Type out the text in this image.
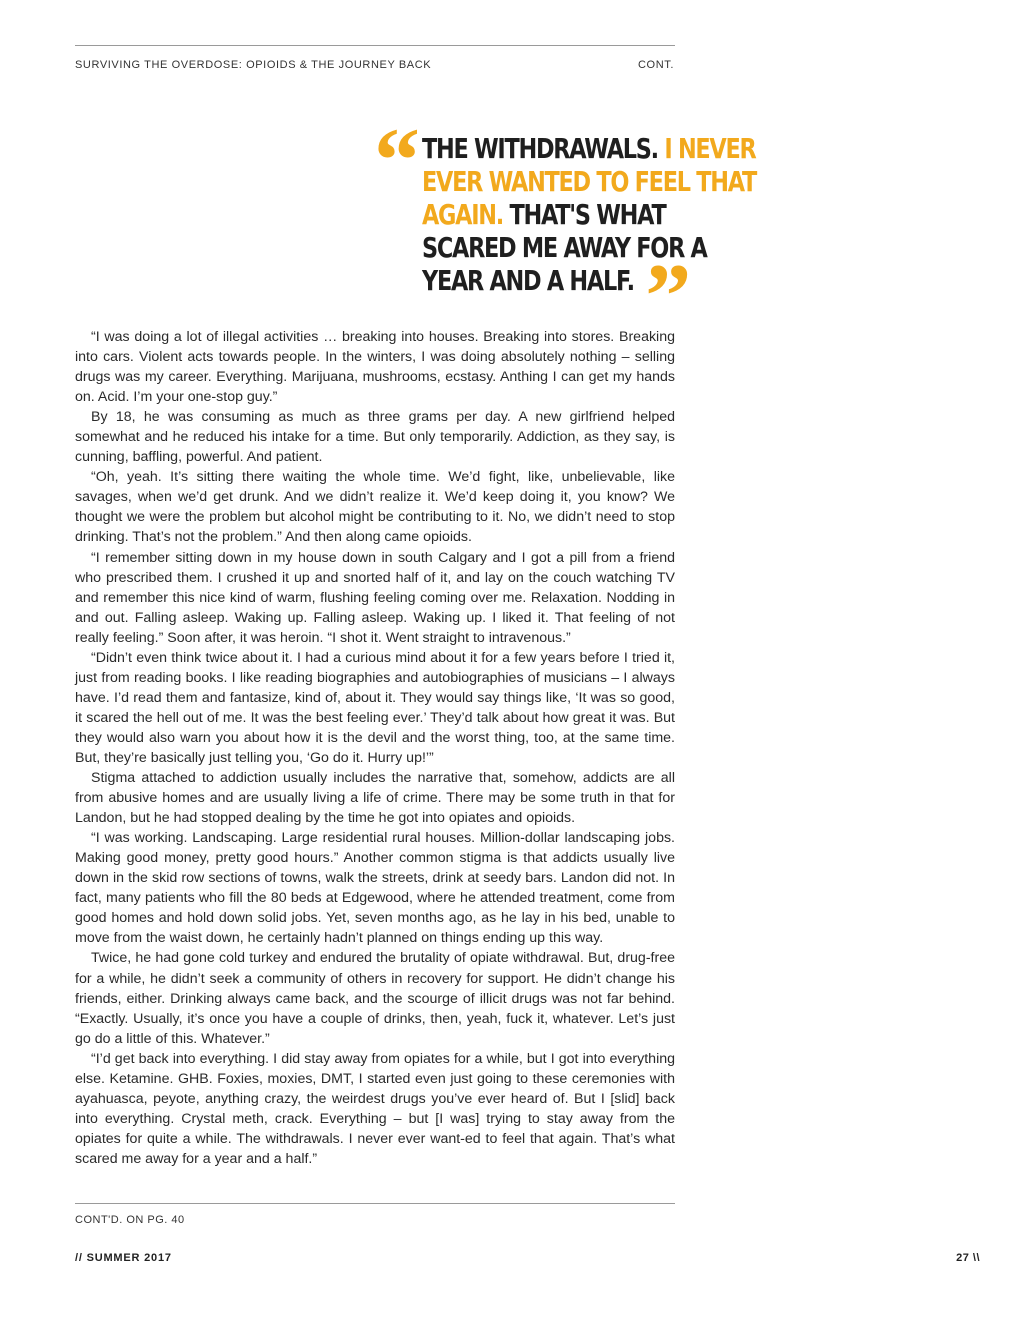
SURVIVING THE OVERDOSE: OPIOIDS & THE JOURNEY BACK	CONT.
“ THE WITHDRAWALS. I NEVER EVER WANTED TO FEEL THAT AGAIN. THAT'S WHAT SCARED ME AWAY FOR A YEAR AND A HALF. ”

“I was doing a lot of illegal activities … breaking into houses. Breaking into stores. Breaking into cars. Violent acts towards people. In the winters, I was doing absolutely nothing – selling drugs was my career. Everything. Marijuana, mushrooms, ecstasy. Anthing I can get my hands on. Acid. I’m your one-stop guy.”

By 18, he was consuming as much as three grams per day. A new girlfriend helped somewhat and he reduced his intake for a time. But only temporarily. Addiction, as they say, is cunning, baffling, powerful. And patient.

“Oh, yeah. It’s sitting there waiting the whole time. We’d fight, like, unbelievable, like savages, when we’d get drunk. And we didn’t realize it. We’d keep doing it, you know? We thought we were the problem but alcohol might be contributing to it. No, we didn’t need to stop drinking. That’s not the problem.” And then along came opioids.

“I remember sitting down in my house down in south Calgary and I got a pill from a friend who prescribed them. I crushed it up and snorted half of it, and lay on the couch watching TV and remember this nice kind of warm, flushing feeling coming over me. Relaxation. Nodding in and out. Falling asleep. Waking up. Falling asleep. Waking up. I liked it. That feeling of not really feeling.” Soon after, it was heroin. “I shot it. Went straight to intravenous.”

“Didn’t even think twice about it. I had a curious mind about it for a few years before I tried it, just from reading books. I like reading biographies and autobiographies of musicians – I always have. I’d read them and fantasize, kind of, about it. They would say things like, ‘It was so good, it scared the hell out of me. It was the best feeling ever.’ They’d talk about how great it was. But they would also warn you about how it is the devil and the worst thing, too, at the same time. But, they’re basically just telling you, ‘Go do it. Hurry up!’”

Stigma attached to addiction usually includes the narrative that, somehow, addicts are all from abusive homes and are usually living a life of crime. There may be some truth in that for Landon, but he had stopped dealing by the time he got into opiates and opioids.

“I was working. Landscaping. Large residential rural houses. Million-dollar landscaping jobs. Making good money, pretty good hours.” Another common stigma is that addicts usually live down in the skid row sections of towns, walk the streets, drink at seedy bars. Landon did not. In fact, many patients who fill the 80 beds at Edgewood, where he attended treatment, come from good homes and hold down solid jobs. Yet, seven months ago, as he lay in his bed, unable to move from the waist down, he certainly hadn’t planned on things ending up this way.

Twice, he had gone cold turkey and endured the brutality of opiate withdrawal. But, drug-free for a while, he didn’t seek a community of others in recovery for support. He didn’t change his friends, either. Drinking always came back, and the scourge of illicit drugs was not far behind. “Exactly. Usually, it’s once you have a couple of drinks, then, yeah, fuck it, whatever. Let’s just go do a little of this. Whatever.”

“I’d get back into everything. I did stay away from opiates for a while, but I got into everything else. Ketamine. GHB. Foxies, moxies, DMT, I started even just going to these ceremonies with ayahuasca, peyote, anything crazy, the weirdest drugs you’ve ever heard of. But I [slid] back into everything. Crystal meth, crack. Everything – but [I was] trying to stay away from the opiates for quite a while. The withdrawals. I never ever want-ed to feel that again. That’s what scared me away for a year and a half.”

CONT'D. ON PG. 40
// SUMMER 2017	27 \\
